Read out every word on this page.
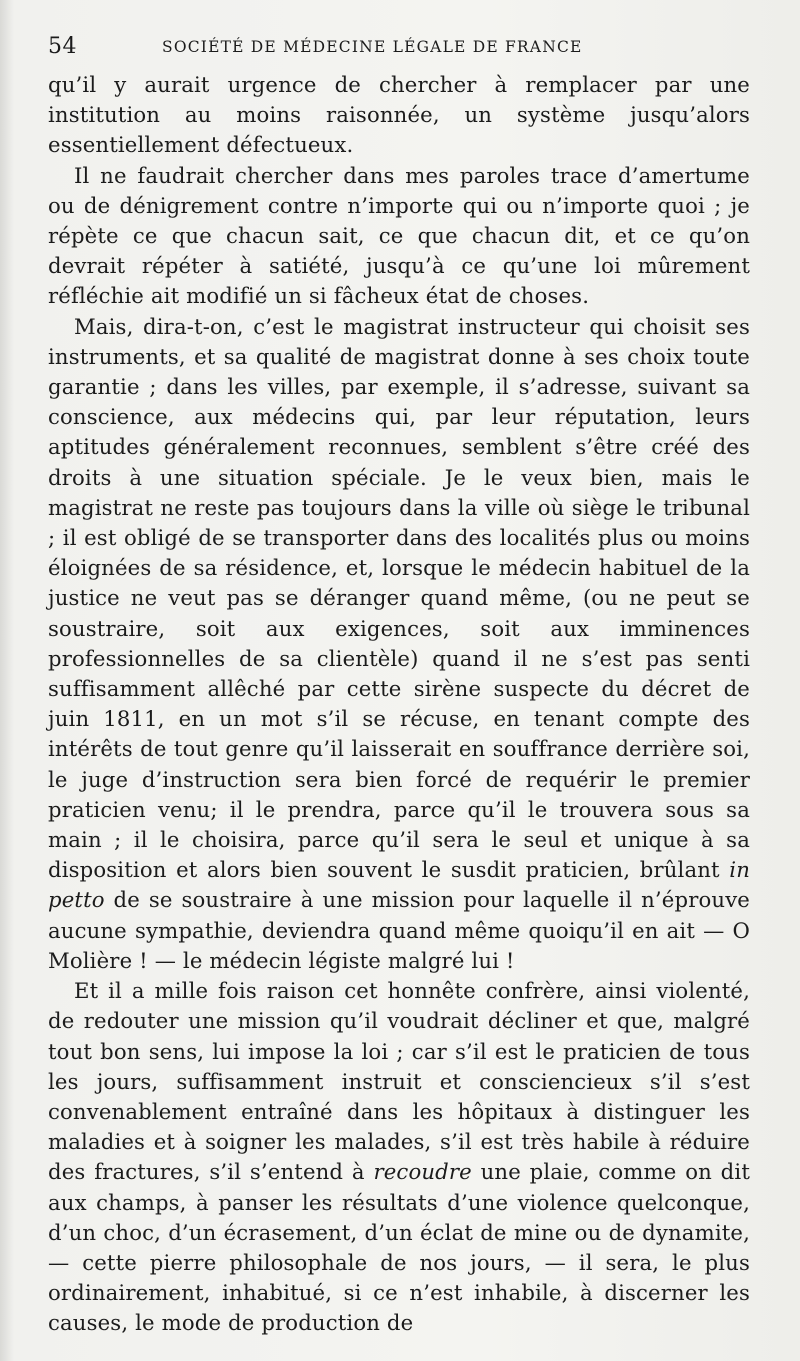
54	SOCIÉTÉ DE MÉDECINE LÉGALE DE FRANCE

qu’il y aurait urgence de chercher à remplacer par une institution au moins raisonnée, un système jusqu’alors essentiellement défectueux.

Il ne faudrait chercher dans mes paroles trace d’amertume ou de dénigrement contre n’importe qui ou n’importe quoi ; je répète ce que chacun sait, ce que chacun dit, et ce qu’on devrait répéter à satiété, jusqu’à ce qu’une loi mûrement réfléchie ait modifié un si fâcheux état de choses.

Mais, dira-t-on, c’est le magistrat instructeur qui choisit ses instruments, et sa qualité de magistrat donne à ses choix toute garantie ; dans les villes, par exemple, il s’adresse, suivant sa conscience, aux médecins qui, par leur réputation, leurs aptitudes généralement reconnues, semblent s’être créé des droits à une situation spéciale. Je le veux bien, mais le magistrat ne reste pas toujours dans la ville où siège le tribunal ; il est obligé de se transporter dans des localités plus ou moins éloignées de sa résidence, et, lorsque le médecin habituel de la justice ne veut pas se déranger quand même, (ou ne peut se soustraire, soit aux exigences, soit aux imminences professionnelles de sa clientèle) quand il ne s’est pas senti suffisamment allêché par cette sirène suspecte du décret de juin 1811, en un mot s’il se récuse, en tenant compte des intérêts de tout genre qu’il laisserait en souffrance derrière soi, le juge d’instruction sera bien forcé de requérir le premier praticien venu; il le prendra, parce qu’il le trouvera sous sa main ; il le choisira, parce qu’il sera le seul et unique à sa disposition et alors bien souvent le susdit praticien, brûlant in petto de se soustraire à une mission pour laquelle il n’éprouve aucune sympathie, deviendra quand même quoiqu’il en ait — O Molière ! — le médecin légiste malgré lui !

Et il a mille fois raison cet honnête confrère, ainsi violenté, de redouter une mission qu’il voudrait décliner et que, malgré tout bon sens, lui impose la loi ; car s’il est le praticien de tous les jours, suffisamment instruit et consciencieux s’il s’est convenablement entraîné dans les hôpitaux à distinguer les maladies et à soigner les malades, s’il est très habile à réduire des fractures, s’il s’entend à recoudre une plaie, comme on dit aux champs, à panser les résultats d’une violence quelconque, d’un choc, d’un écrasement, d’un éclat de mine ou de dynamite, — cette pierre philosophale de nos jours, — il sera, le plus ordinairement, inhabitué, si ce n’est inhabile, à discerner les causes, le mode de production de
